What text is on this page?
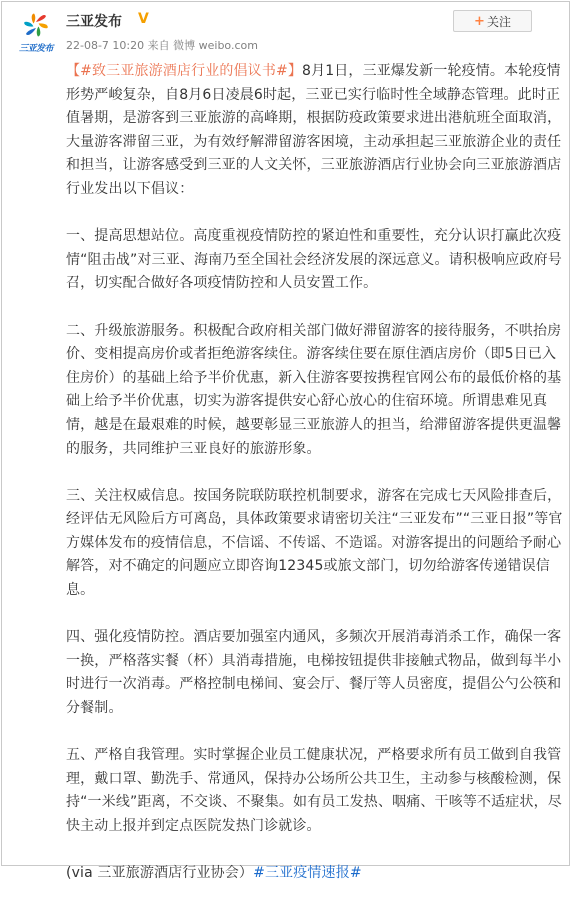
三亚发布
三亚发布 V
22-08-7 10:20 来自 微博 weibo.com
+ 关注

【#致三亚旅游酒店行业的倡议书#】8月1日，三亚爆发新一轮疫情。本轮疫情形势严峻复杂，自8月6日凌晨6时起，三亚已实行临时性全域静态管理。此时正值暑期，是游客到三亚旅游的高峰期，根据防疫政策要求进出港航班全面取消，大量游客滞留三亚，为有效纾解滞留游客困境，主动承担起三亚旅游企业的责任和担当，让游客感受到三亚的人文关怀，三亚旅游酒店行业协会向三亚旅游酒店行业发出以下倡议：

一、提高思想站位。高度重视疫情防控的紧迫性和重要性，充分认识打赢此次疫情“阻击战”对三亚、海南乃至全国社会经济发展的深远意义。请积极响应政府号召，切实配合做好各项疫情防控和人员安置工作。

二、升级旅游服务。积极配合政府相关部门做好滞留游客的接待服务，不哄抬房价、变相提高房价或者拒绝游客续住。游客续住要在原住酒店房价（即5日已入住房价）的基础上给予半价优惠，新入住游客要按携程官网公布的最低价格的基础上给予半价优惠，切实为游客提供安心舒心放心的住宿环境。所谓患难见真情，越是在最艰难的时候，越要彰显三亚旅游人的担当，给滞留游客提供更温馨的服务，共同维护三亚良好的旅游形象。

三、关注权威信息。按国务院联防联控机制要求，游客在完成七天风险排查后，经评估无风险后方可离岛，具体政策要求请密切关注“三亚发布”“三亚日报”等官方媒体发布的疫情信息，不信谣、不传谣、不造谣。对游客提出的问题给予耐心解答，对不确定的问题应立即咨询12345或旅文部门，切勿给游客传递错误信息。

四、强化疫情防控。酒店要加强室内通风，多频次开展消毒消杀工作，确保一客一换，严格落实餐（杯）具消毒措施，电梯按钮提供非接触式物品，做到每半小时进行一次消毒。严格控制电梯间、宴会厅、餐厅等人员密度，提倡公勺公筷和分餐制。

五、严格自我管理。实时掌握企业员工健康状况，严格要求所有员工做到自我管理，戴口罩、勤洗手、常通风，保持办公场所公共卫生，主动参与核酸检测，保持“一米线”距离，不交谈、不聚集。如有员工发热、咽痛、干咳等不适症状，尽快主动上报并到定点医院发热门诊就诊。

(via 三亚旅游酒店行业协会）#三亚疫情速报#
